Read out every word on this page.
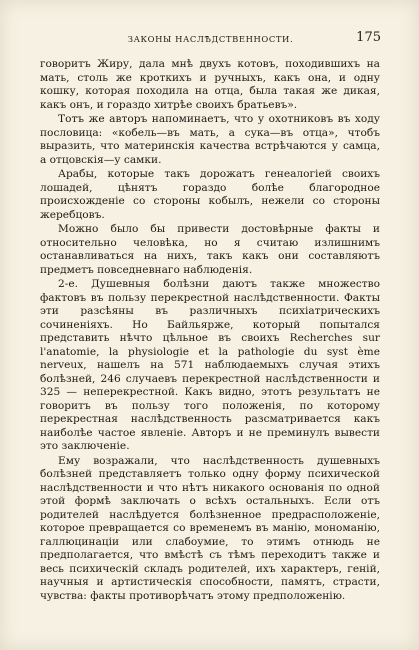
ЗАКОНЫ НАСЛѢДСТВЕННОСТИ.	175

говоритъ Жиру, дала мнѣ двухъ котовъ, походившихъ на мать, столь же кроткихъ и ручныхъ, какъ она, и одну кошку, которая походила на отца, была такая же дикая, какъ онъ, и гораздо хитрѣе своихъ братьевъ».

Тотъ же авторъ напоминаетъ, что у охотниковъ въ ходу пословица: «кобель—въ мать, а сука—въ отца», чтобъ выразить, что материнскія качества встрѣчаются у самца, а отцовскія—у самки.

Арабы, которые такъ дорожатъ генеалогіей своихъ лошадей, цѣнятъ гораздо болѣе благородное происхожденіе со стороны кобылъ, нежели со стороны жеребцовъ.

Можно было бы привести достовѣрные факты и относительно человѣка, но я считаю излишнимъ останавливаться на нихъ, такъ какъ они составляютъ предметъ повседневнаго наблюденія.

2-е. Душевныя болѣзни даютъ также множество фактовъ въ пользу перекрестной наслѣдственности. Факты эти разсѣяны въ различныхъ психіатрическихъ сочиненіяхъ. Но Байльярже, который попытался представить нѣчто цѣльное въ своихъ Recherches sur l'anatomie, la physiologie et la pathologie du syst ème nerveux, нашелъ на 571 наблюдаемыхъ случая этихъ болѣзней, 246 случаевъ перекрестной наслѣдственности и 325 — неперекрестной. Какъ видно, этотъ результатъ не говоритъ въ пользу того положенія, по которому перекрестная наслѣдственность разсматривается какъ наиболѣе частое явленіе. Авторъ и не преминулъ вывести это заключеніе.

Ему возражали, что наслѣдственность душевныхъ болѣзней представляетъ только одну форму психической наслѣдственности и что нѣтъ никакого основанія по одной этой формѣ заключать о всѣхъ остальныхъ. Если отъ родителей наслѣдуется болѣзненное предрасположеніе, которое превращается со временемъ въ манію, мономанію, галлюцинаціи или слабоумие, то этимъ отнюдь не предполагается, что вмѣстѣ съ тѣмъ переходитъ также и весь психическій складъ родителей, ихъ характеръ, геній, научныя и артистическія способности, памятъ, страсти, чувства: факты противорѣчатъ этому предположенію.
